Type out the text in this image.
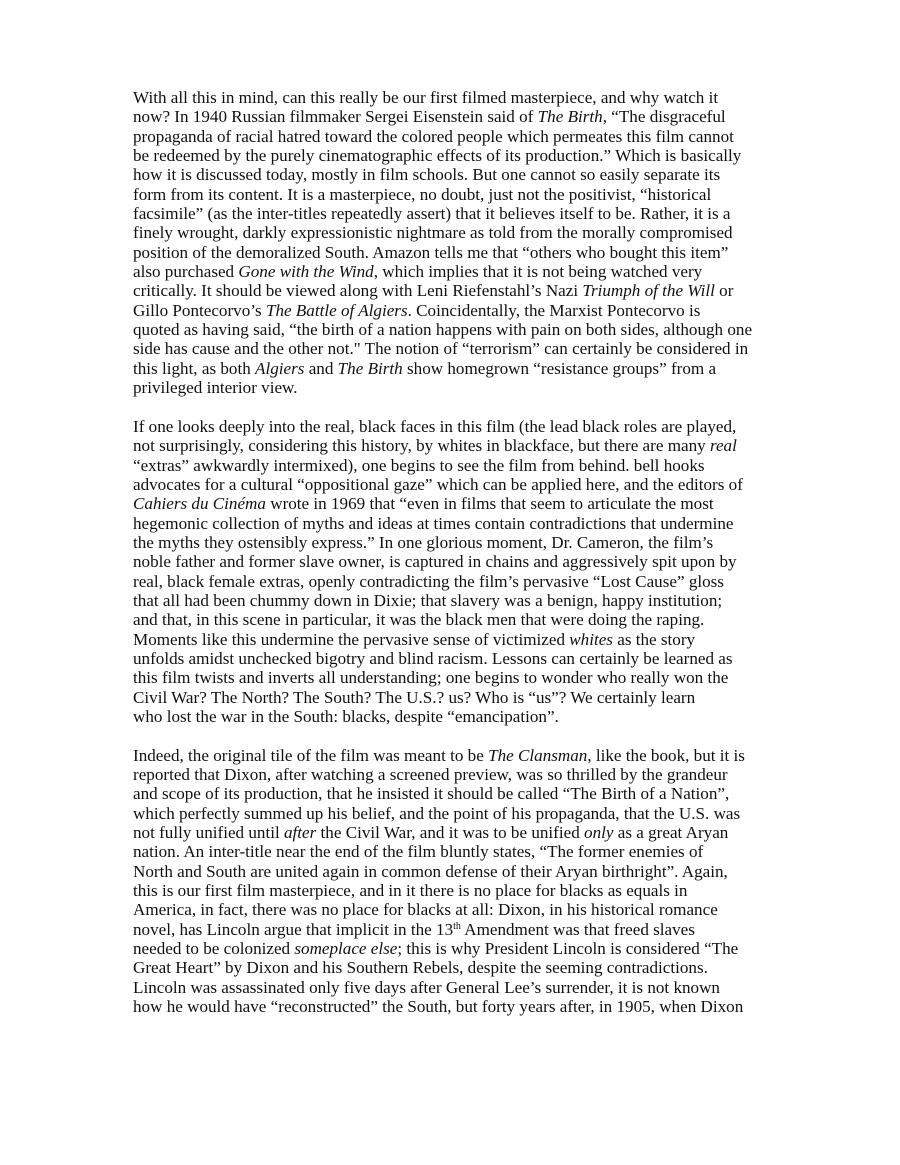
With all this in mind, can this really be our first filmed masterpiece, and why watch it
now? In 1940 Russian filmmaker Sergei Eisenstein said of The Birth, “The disgraceful
propaganda of racial hatred toward the colored people which permeates this film cannot
be redeemed by the purely cinematographic effects of its production.” Which is basically
how it is discussed today, mostly in film schools. But one cannot so easily separate its
form from its content. It is a masterpiece, no doubt, just not the positivist, “historical
facsimile” (as the inter-titles repeatedly assert) that it believes itself to be. Rather, it is a
finely wrought, darkly expressionistic nightmare as told from the morally compromised
position of the demoralized South. Amazon tells me that “others who bought this item”
also purchased Gone with the Wind, which implies that it is not being watched very
critically. It should be viewed along with Leni Riefenstahl’s Nazi Triumph of the Will or
Gillo Pontecorvo’s The Battle of Algiers. Coincidentally, the Marxist Pontecorvo is
quoted as having said, “the birth of a nation happens with pain on both sides, although one
side has cause and the other not." The notion of “terrorism” can certainly be considered in
this light, as both Algiers and The Birth show homegrown “resistance groups” from a
privileged interior view.
If one looks deeply into the real, black faces in this film (the lead black roles are played,
not surprisingly, considering this history, by whites in blackface, but there are many real
“extras” awkwardly intermixed), one begins to see the film from behind. bell hooks
advocates for a cultural “oppositional gaze” which can be applied here, and the editors of
Cahiers du Cinéma wrote in 1969 that “even in films that seem to articulate the most
hegemonic collection of myths and ideas at times contain contradictions that undermine
the myths they ostensibly express.” In one glorious moment, Dr. Cameron, the film’s
noble father and former slave owner, is captured in chains and aggressively spit upon by
real, black female extras, openly contradicting the film’s pervasive “Lost Cause” gloss
that all had been chummy down in Dixie; that slavery was a benign, happy institution;
and that, in this scene in particular, it was the black men that were doing the raping.
Moments like this undermine the pervasive sense of victimized whites as the story
unfolds amidst unchecked bigotry and blind racism. Lessons can certainly be learned as
this film twists and inverts all understanding; one begins to wonder who really won the
Civil War? The North? The South? The U.S.? us? Who is “us”? We certainly learn
who lost the war in the South: blacks, despite “emancipation”.
Indeed, the original tile of the film was meant to be The Clansman, like the book, but it is
reported that Dixon, after watching a screened preview, was so thrilled by the grandeur
and scope of its production, that he insisted it should be called “The Birth of a Nation”,
which perfectly summed up his belief, and the point of his propaganda, that the U.S. was
not fully unified until after the Civil War, and it was to be unified only as a great Aryan
nation. An inter-title near the end of the film bluntly states, “The former enemies of
North and South are united again in common defense of their Aryan birthright”. Again,
this is our first film masterpiece, and in it there is no place for blacks as equals in
America, in fact, there was no place for blacks at all: Dixon, in his historical romance
novel, has Lincoln argue that implicit in the 13th Amendment was that freed slaves
needed to be colonized someplace else; this is why President Lincoln is considered “The
Great Heart” by Dixon and his Southern Rebels, despite the seeming contradictions.
Lincoln was assassinated only five days after General Lee’s surrender, it is not known
how he would have “reconstructed” the South, but forty years after, in 1905, when Dixon
